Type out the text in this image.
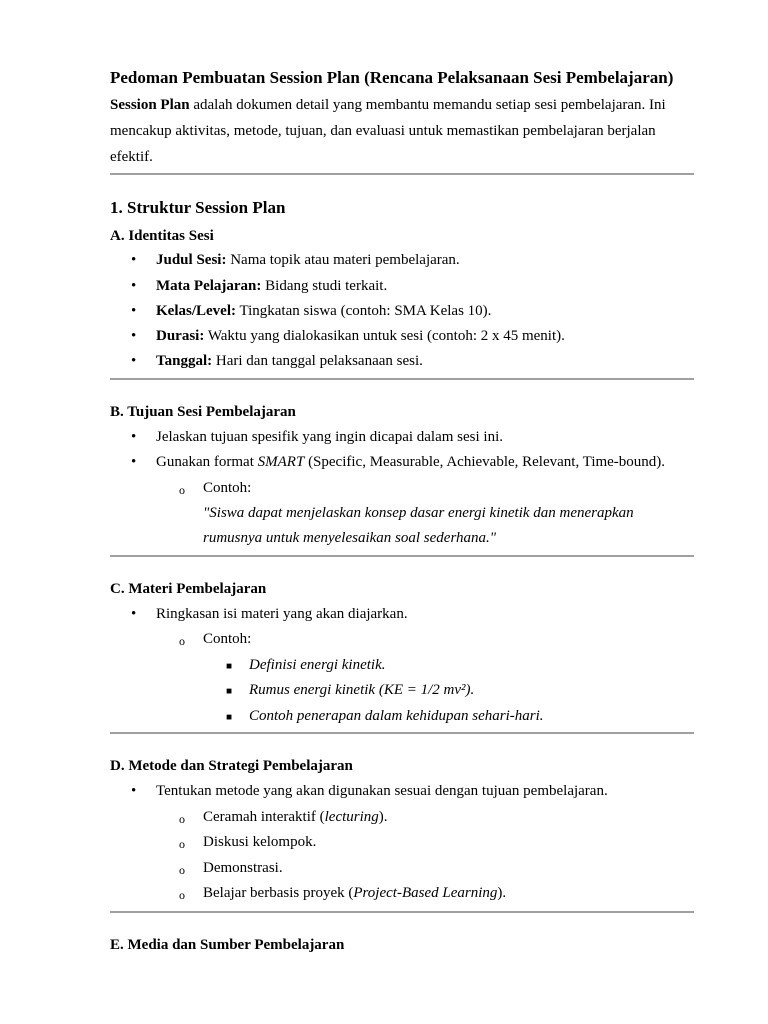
Pedoman Pembuatan Session Plan (Rencana Pelaksanaan Sesi Pembelajaran)
Session Plan adalah dokumen detail yang membantu memandu setiap sesi pembelajaran. Ini
mencakup aktivitas, metode, tujuan, dan evaluasi untuk memastikan pembelajaran berjalan
efektif.
1. Struktur Session Plan
A. Identitas Sesi
•
Judul Sesi: Nama topik atau materi pembelajaran.
•
Mata Pelajaran: Bidang studi terkait.
•
Kelas/Level: Tingkatan siswa (contoh: SMA Kelas 10).
•
Durasi: Waktu yang dialokasikan untuk sesi (contoh: 2 x 45 menit).
•
Tanggal: Hari dan tanggal pelaksanaan sesi.
B. Tujuan Sesi Pembelajaran
•
Jelaskan tujuan spesifik yang ingin dicapai dalam sesi ini.
•
Gunakan format SMART (Specific, Measurable, Achievable, Relevant, Time-bound).
o Contoh:
"Siswa dapat menjelaskan konsep dasar energi kinetik dan menerapkan
rumusnya untuk menyelesaikan soal sederhana."
C. Materi Pembelajaran
•
Ringkasan isi materi yang akan diajarkan.
o Contoh:
■ Definisi energi kinetik.
■ Rumus energi kinetik (KE = 1/2 mv²).
■ Contoh penerapan dalam kehidupan sehari-hari.
D. Metode dan Strategi Pembelajaran
•
Tentukan metode yang akan digunakan sesuai dengan tujuan pembelajaran.
o Ceramah interaktif (lecturing).
o Diskusi kelompok.
o Demonstrasi.
o Belajar berbasis proyek (Project-Based Learning).
E. Media dan Sumber Pembelajaran
